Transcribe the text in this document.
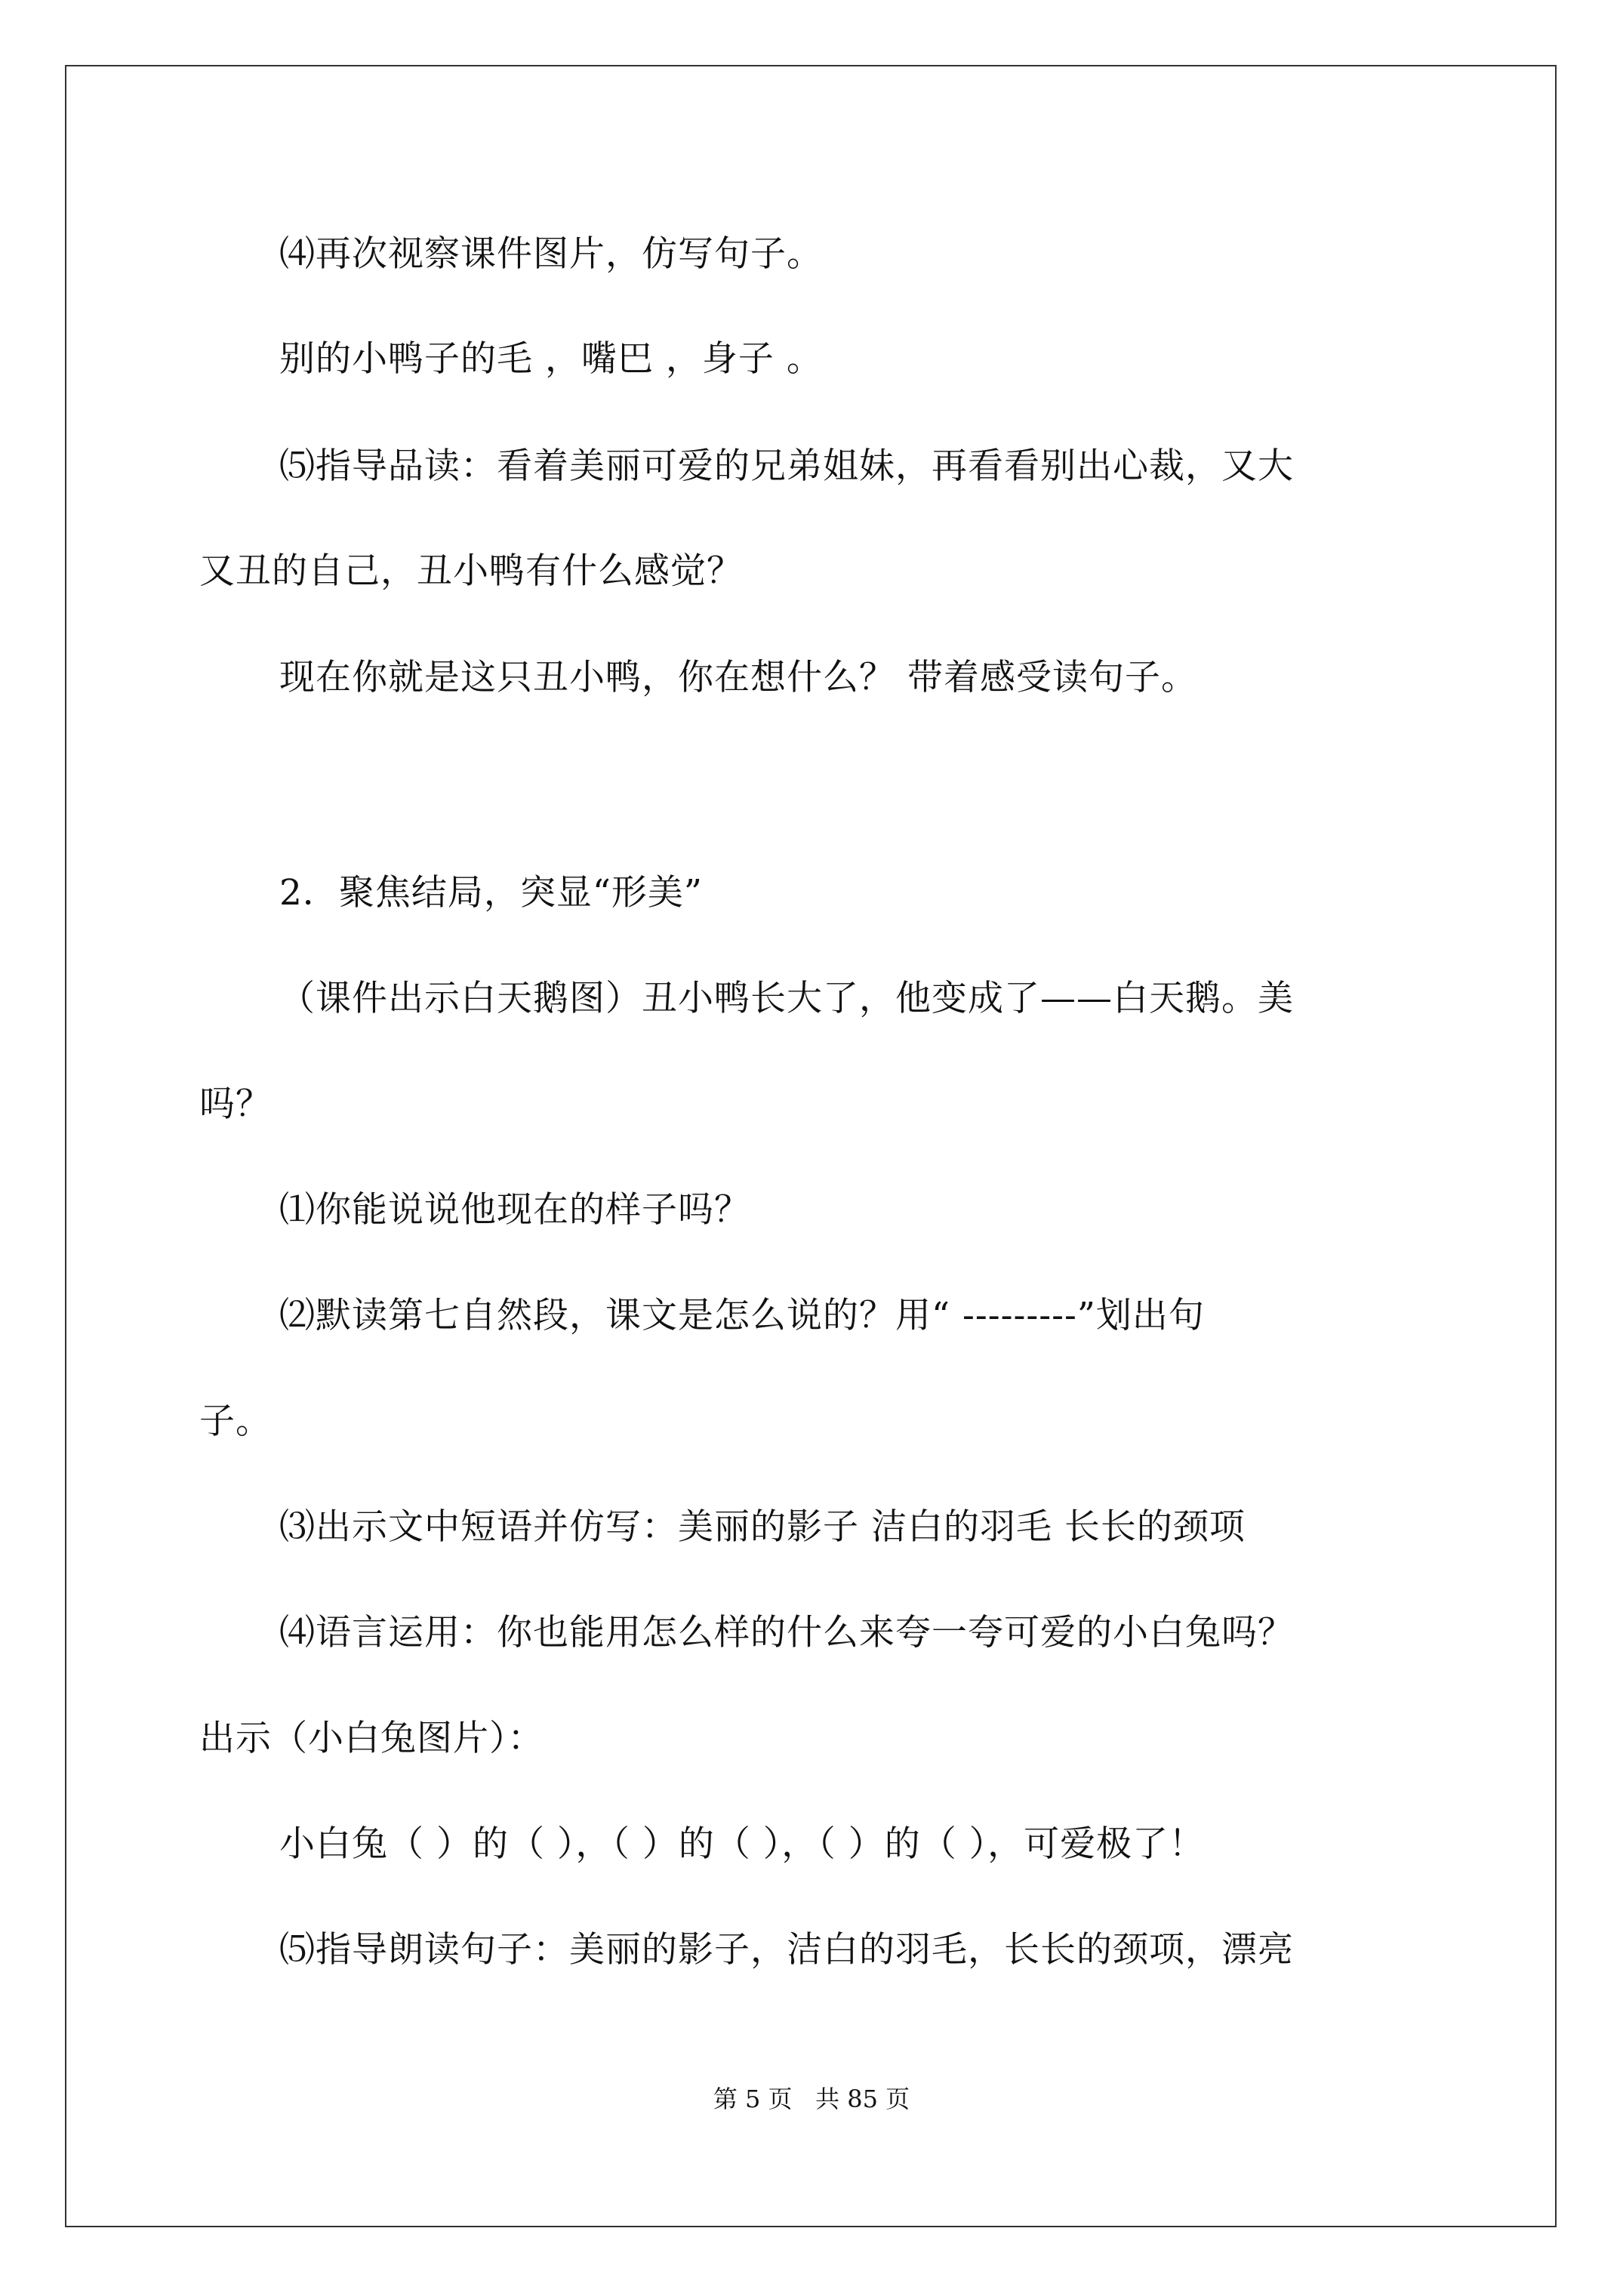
⑷再次视察课件图片，仿写句子。
别的小鸭子的毛 ，嘴巴 ，身子 。
⑸指导品读：看着美丽可爱的兄弟姐妹，再看看别出心裁，又大
又丑的自己，丑小鸭有什么感觉？
现在你就是这只丑小鸭，你在想什么？ 带着感受读句子。
2．聚焦结局，突显“形美”
（课件出示白天鹅图）丑小鸭长大了，他变成了——白天鹅。美
吗？
⑴你能说说他现在的样子吗？
⑵默读第七自然段，课文是怎么说的？用“ ---------”划出句
子。
⑶出示文中短语并仿写：美丽的影子 洁白的羽毛 长长的颈项
⑷语言运用：你也能用怎么样的什么来夸一夸可爱的小白兔吗？
出示（小白兔图片）：
小白兔（ ）的（ ），（ ）的（ ），（ ）的（ ），可爱极了！
⑸指导朗读句子：美丽的影子，洁白的羽毛，长长的颈项，漂亮
第 5 页   共 85 页
